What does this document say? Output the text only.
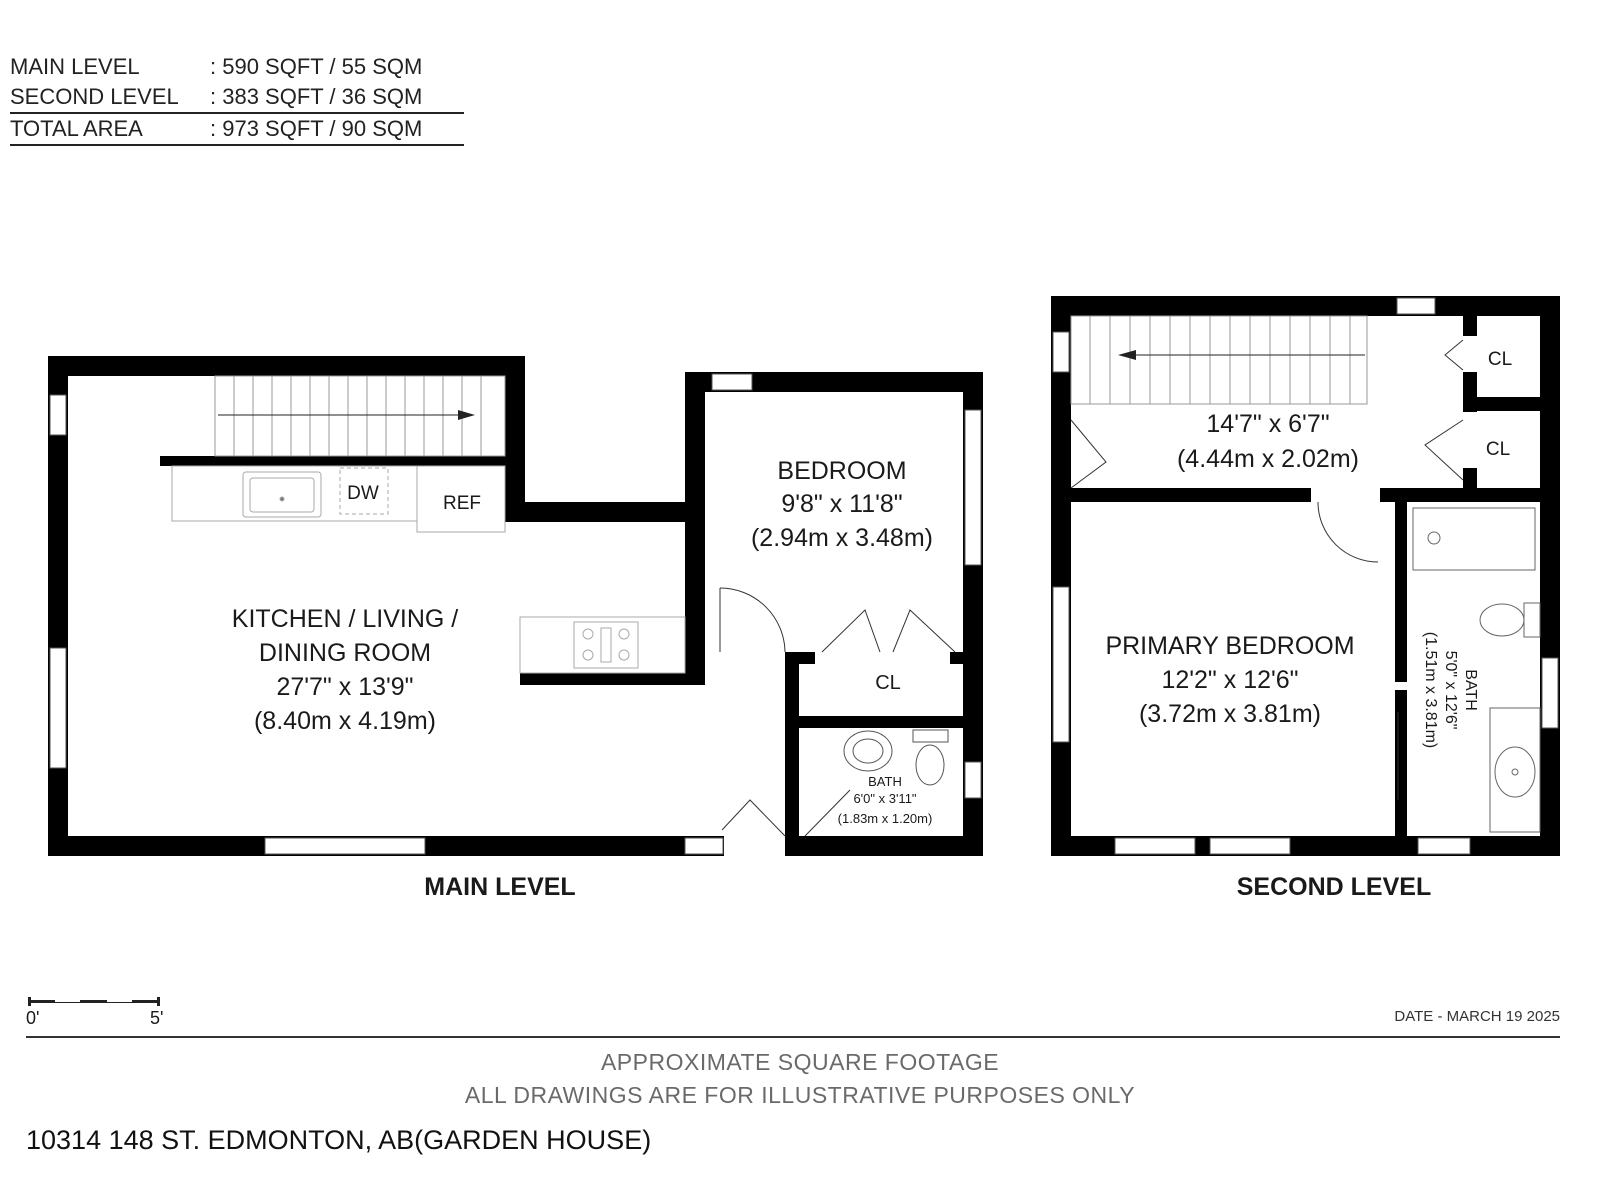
MAIN LEVEL	: 590 SQFT / 55 SQM
SECOND LEVEL	: 383 SQFT / 36 SQM
TOTAL AREA	: 973 SQFT / 90 SQM
KITCHEN / LIVING /
DINING ROOM
27'7" x 13'9"
(8.40m x 4.19m)
BEDROOM
9'8" x 11'8"
(2.94m x 3.48m)
CL
BATH
6'0" x 3'11"
(1.83m x 1.20m)
DW	REF
MAIN LEVEL
CL
CL
14'7" x 6'7"
(4.44m x 2.02m)
PRIMARY BEDROOM
12'2" x 12'6"
(3.72m x 3.81m)
BATH
5'0" x 12'6"
(1.51m x 3.81m)
SECOND LEVEL
0'	5'	DATE - MARCH 19 2025
APPROXIMATE SQUARE FOOTAGE
ALL DRAWINGS ARE FOR ILLUSTRATIVE PURPOSES ONLY
10314 148 ST. EDMONTON, AB(GARDEN HOUSE)
